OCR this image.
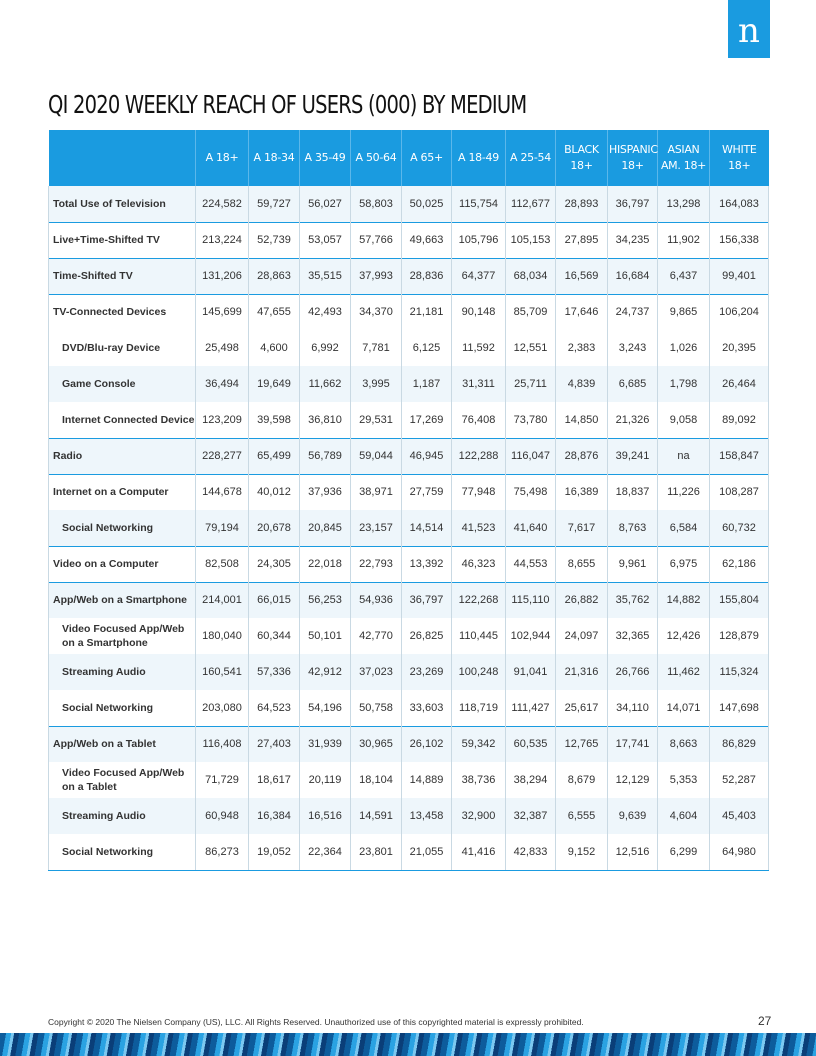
n
QI 2020 WEEKLY REACH OF USERS (000) BY MEDIUM
	A 18+	A 18-34	A 35-49	A 50-64	A 65+	A 18-49	A 25-54	BLACK 18+	HISPANIC 18+	ASIAN AM. 18+	WHITE 18+
Total Use of Television	224,582	59,727	56,027	58,803	50,025	115,754	112,677	28,893	36,797	13,298	164,083
Live+Time-Shifted TV	213,224	52,739	53,057	57,766	49,663	105,796	105,153	27,895	34,235	11,902	156,338
Time-Shifted TV	131,206	28,863	35,515	37,993	28,836	64,377	68,034	16,569	16,684	6,437	99,401
TV-Connected Devices	145,699	47,655	42,493	34,370	21,181	90,148	85,709	17,646	24,737	9,865	106,204
DVD/Blu-ray Device	25,498	4,600	6,992	7,781	6,125	11,592	12,551	2,383	3,243	1,026	20,395
Game Console	36,494	19,649	11,662	3,995	1,187	31,311	25,711	4,839	6,685	1,798	26,464
Internet Connected Device	123,209	39,598	36,810	29,531	17,269	76,408	73,780	14,850	21,326	9,058	89,092
Radio	228,277	65,499	56,789	59,044	46,945	122,288	116,047	28,876	39,241	na	158,847
Internet on a Computer	144,678	40,012	37,936	38,971	27,759	77,948	75,498	16,389	18,837	11,226	108,287
Social Networking	79,194	20,678	20,845	23,157	14,514	41,523	41,640	7,617	8,763	6,584	60,732
Video on a Computer	82,508	24,305	22,018	22,793	13,392	46,323	44,553	8,655	9,961	6,975	62,186
App/Web on a Smartphone	214,001	66,015	56,253	54,936	36,797	122,268	115,110	26,882	35,762	14,882	155,804
Video Focused App/Web on a Smartphone	180,040	60,344	50,101	42,770	26,825	110,445	102,944	24,097	32,365	12,426	128,879
Streaming Audio	160,541	57,336	42,912	37,023	23,269	100,248	91,041	21,316	26,766	11,462	115,324
Social Networking	203,080	64,523	54,196	50,758	33,603	118,719	111,427	25,617	34,110	14,071	147,698
App/Web on a Tablet	116,408	27,403	31,939	30,965	26,102	59,342	60,535	12,765	17,741	8,663	86,829
Video Focused App/Web on a Tablet	71,729	18,617	20,119	18,104	14,889	38,736	38,294	8,679	12,129	5,353	52,287
Streaming Audio	60,948	16,384	16,516	14,591	13,458	32,900	32,387	6,555	9,639	4,604	45,403
Social Networking	86,273	19,052	22,364	23,801	21,055	41,416	42,833	9,152	12,516	6,299	64,980
Copyright © 2020 The Nielsen Company (US), LLC. All Rights Reserved. Unauthorized use of this copyrighted material is expressly prohibited.	27
